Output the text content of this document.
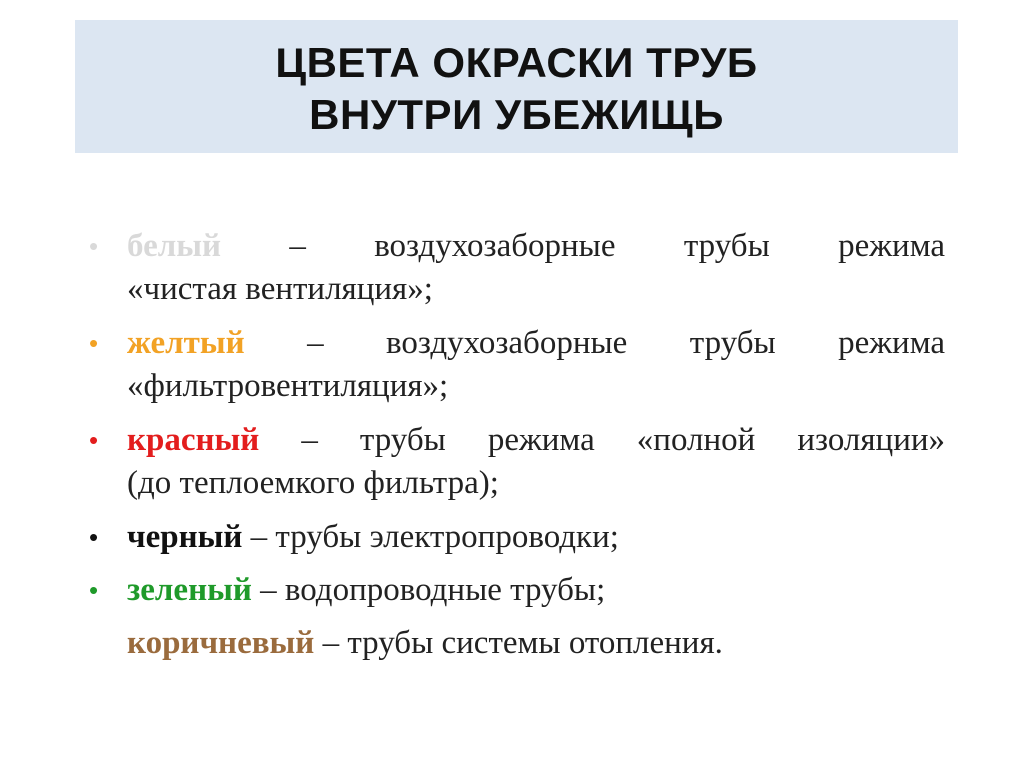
ЦВЕТА ОКРАСКИ ТРУБ
ВНУТРИ УБЕЖИЩЬ
• белый – воздухозаборные трубы режима
«чистая вентиляция»;
• желтый – воздухозаборные трубы режима
«фильтровентиляция»;
• красный – трубы режима «полной изоляции»
(до теплоемкого фильтра);
• черный – трубы электропроводки;
• зеленый – водопроводные трубы;
коричневый – трубы системы отопления.
